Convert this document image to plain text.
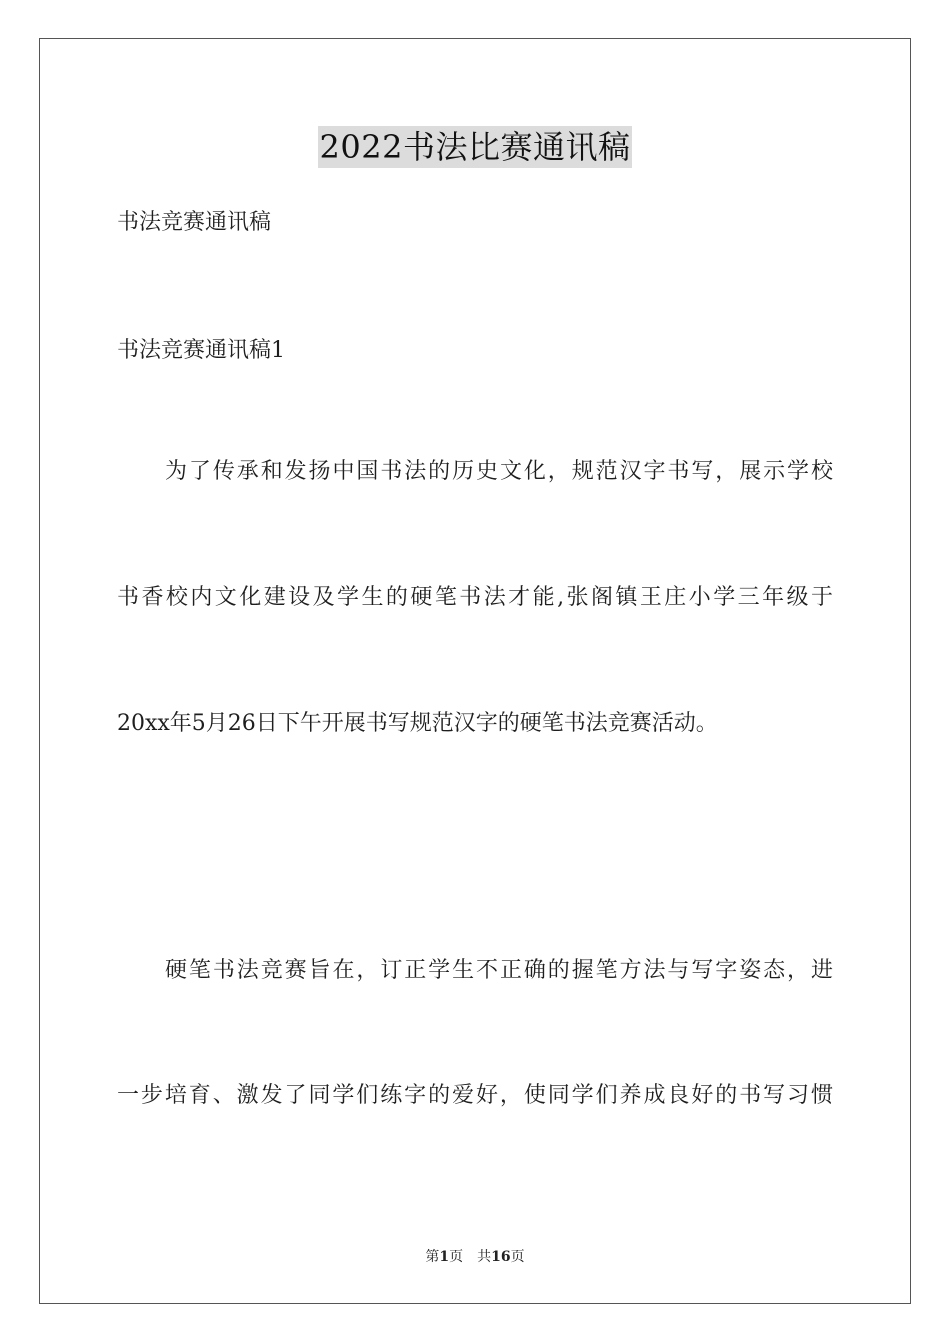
2022书法比赛通讯稿
书法竞赛通讯稿
书法竞赛通讯稿1
为了传承和发扬中国书法的历史文化，规范汉字书写，展示学校
书香校内文化建设及学生的硬笔书法才能,张阁镇王庄小学三年级于
20xx年5月26日下午开展书写规范汉字的硬笔书法竞赛活动。
硬笔书法竞赛旨在，订正学生不正确的握笔方法与写字姿态，进
一步培育、激发了同学们练字的爱好，使同学们养成良好的书写习惯
第1页 共16页
